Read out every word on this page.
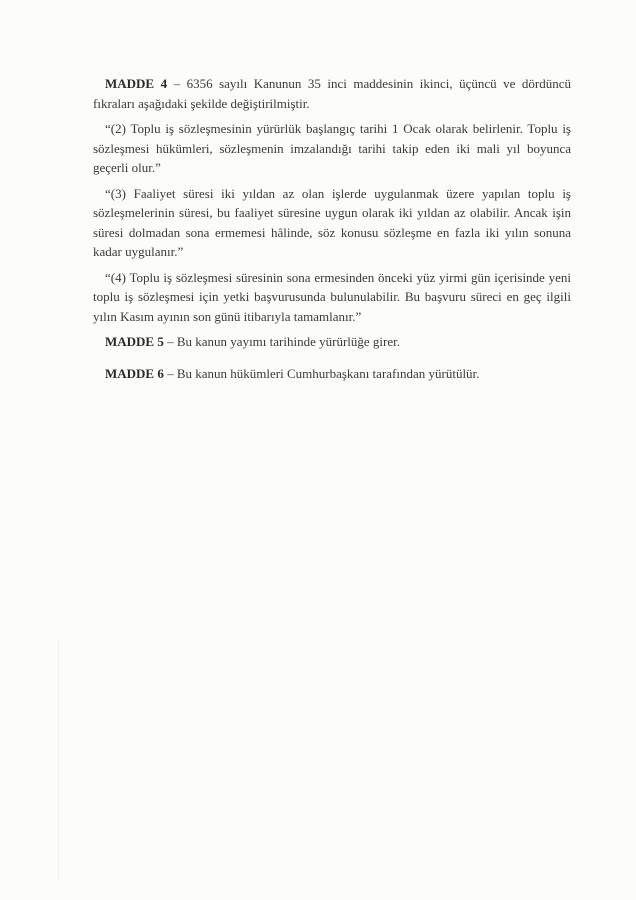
MADDE 4 – 6356 sayılı Kanunun 35 inci maddesinin ikinci, üçüncü ve dördüncü fıkraları aşağıdaki şekilde değiştirilmiştir.

“(2) Toplu iş sözleşmesinin yürürlük başlangıç tarihi 1 Ocak olarak belirlenir. Toplu iş sözleşmesi hükümleri, sözleşmenin imzalandığı tarihi takip eden iki mali yıl boyunca geçerli olur.”

“(3) Faaliyet süresi iki yıldan az olan işlerde uygulanmak üzere yapılan toplu iş sözleşmelerinin süresi, bu faaliyet süresine uygun olarak iki yıldan az olabilir. Ancak işin süresi dolmadan sona ermemesi hâlinde, söz konusu sözleşme en fazla iki yılın sonuna kadar uygulanır.”

“(4) Toplu iş sözleşmesi süresinin sona ermesinden önceki yüz yirmi gün içerisinde yeni toplu iş sözleşmesi için yetki başvurusunda bulunulabilir. Bu başvuru süreci en geç ilgili yılın Kasım ayının son günü itibarıyla tamamlanır.”

MADDE 5 – Bu kanun yayımı tarihinde yürürlüğe girer.

MADDE 6 – Bu kanun hükümleri Cumhurbaşkanı tarafından yürütülür.
